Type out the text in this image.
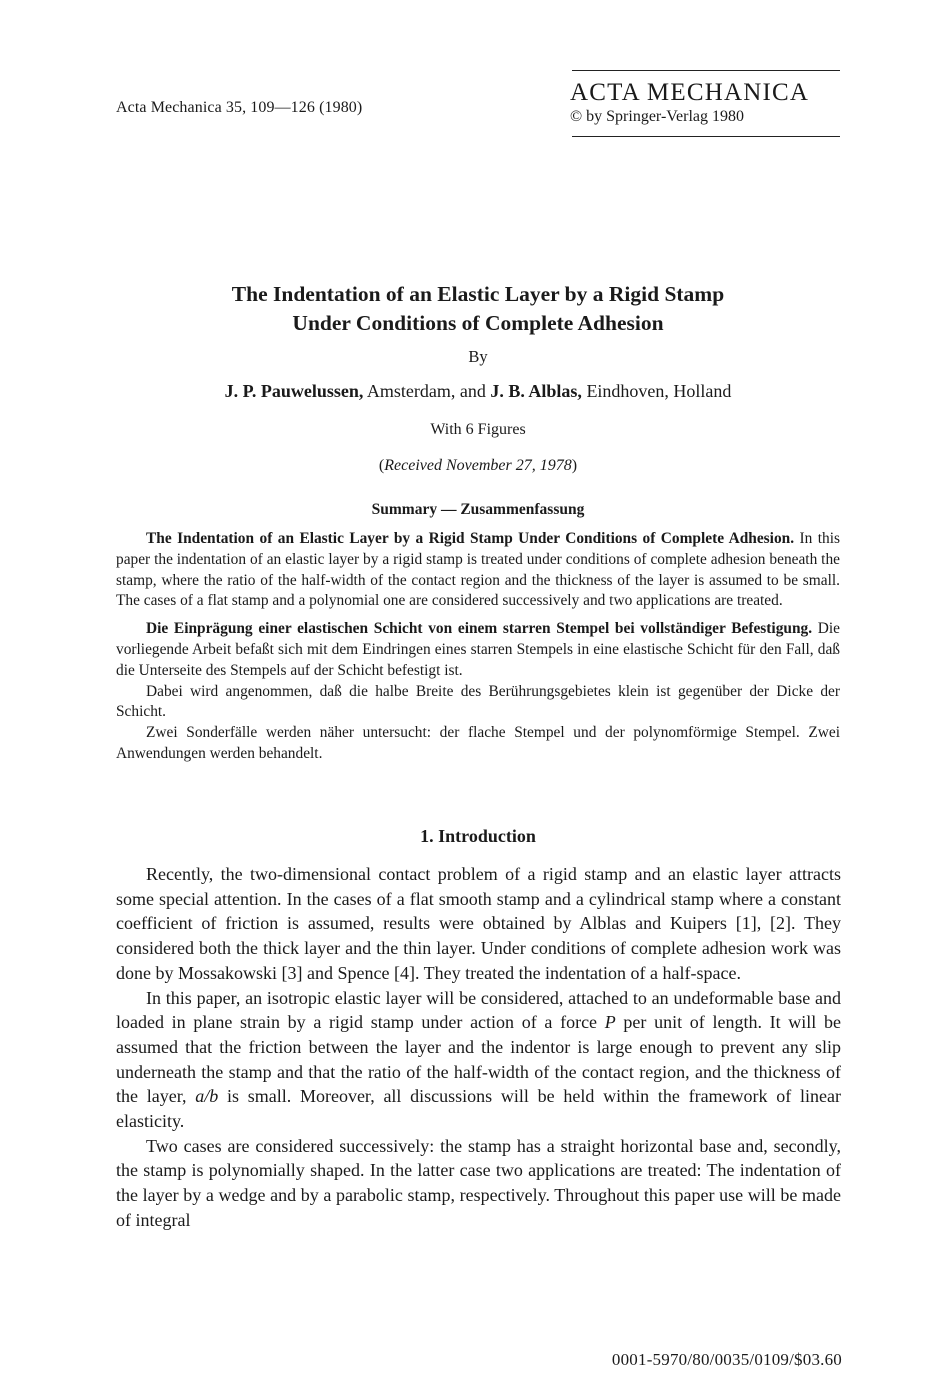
Acta Mechanica 35, 109—126 (1980)
ACTA MECHANICA
© by Springer-Verlag 1980
The Indentation of an Elastic Layer by a Rigid Stamp
Under Conditions of Complete Adhesion
By
J. P. Pauwelussen, Amsterdam, and J. B. Alblas, Eindhoven, Holland
With 6 Figures
(Received November 27, 1978)
Summary — Zusammenfassung

The Indentation of an Elastic Layer by a Rigid Stamp Under Conditions of Complete Adhesion. In this paper the indentation of an elastic layer by a rigid stamp is treated under conditions of complete adhesion beneath the stamp, where the ratio of the half-width of the contact region and the thickness of the layer is assumed to be small. The cases of a flat stamp and a polynomial one are considered successively and two applications are treated.

Die Einprägung einer elastischen Schicht von einem starren Stempel bei vollständiger Befestigung. Die vorliegende Arbeit befaßt sich mit dem Eindringen eines starren Stempels in eine elastische Schicht für den Fall, daß die Unterseite des Stempels auf der Schicht befestigt ist.

Dabei wird angenommen, daß die halbe Breite des Berührungsgebietes klein ist gegenüber der Dicke der Schicht.

Zwei Sonderfälle werden näher untersucht: der flache Stempel und der polynomförmige Stempel. Zwei Anwendungen werden behandelt.

1. Introduction

Recently, the two-dimensional contact problem of a rigid stamp and an elastic layer attracts some special attention. In the cases of a flat smooth stamp and a cylindrical stamp where a constant coefficient of friction is assumed, results were obtained by Alblas and Kuipers [1], [2]. They considered both the thick layer and the thin layer. Under conditions of complete adhesion work was done by Mossakowski [3] and Spence [4]. They treated the indentation of a half-space.

In this paper, an isotropic elastic layer will be considered, attached to an undeformable base and loaded in plane strain by a rigid stamp under action of a force P per unit of length. It will be assumed that the friction between the layer and the indentor is large enough to prevent any slip underneath the stamp and that the ratio of the half-width of the contact region, and the thickness of the layer, a/b is small. Moreover, all discussions will be held within the framework of linear elasticity.

Two cases are considered successively: the stamp has a straight horizontal base and, secondly, the stamp is polynomially shaped. In the latter case two applications are treated: The indentation of the layer by a wedge and by a parabolic stamp, respectively. Throughout this paper use will be made of integral

0001-5970/80/0035/0109/$03.60
